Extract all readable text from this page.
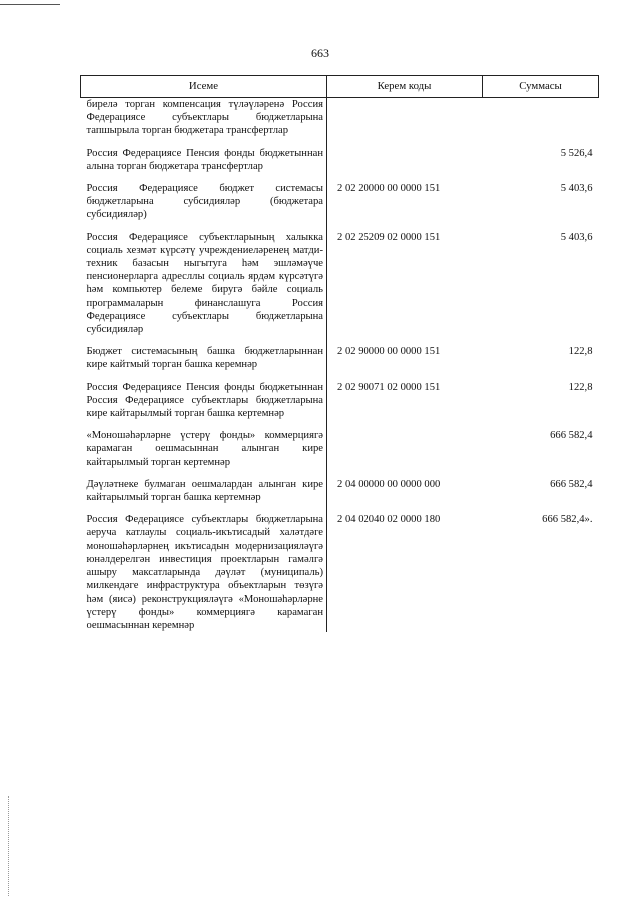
663
Исеме	Керем коды	Суммасы

бирелә торган компенсация түләүләренә Россия Федерациясе субъектлары бюджетларына тапшырыла торган бюджетара трансфертлар		

Россия Федерациясе Пенсия фонды бюджетыннан алына торган бюджетара трансфертлар		5 526,4

Россия Федерациясе бюджет системасы бюджетларына субсидияләр (бюджетара субсидияләр)	2 02 20000 00 0000 151	5 403,6

Россия Федерациясе субъектларының халыкка социаль хезмәт күрсәтү учреждениеләренең матди-техник базасын ныгытуга һәм эшләмәүче пенсионерларга адресллы социаль ярдәм күрсәтүгә һәм компьютер белеме биругә бәйле социаль программаларын финанслашуга Россия Федерациясе субъектлары бюджетларына субсидияләр	2 02 25209 02 0000 151	5 403,6

Бюджет системасының башка бюджетларыннан кире кайтмый торган башка керемнәр	2 02 90000 00 0000 151	122,8

Россия Федерациясе Пенсия фонды бюджетыннан Россия Федерациясе субъектлары бюджетларына кире кайтарылмый торган башка кертемнәр	2 02 90071 02 0000 151	122,8

«Моношәһәрләрне үстерү фонды» коммерциягә карамаган оешмасыннан алынган кире кайтарылмый торган кертемнәр		666 582,4

Дәүләтнеке булмаган оешмалардан алынган кире кайтарылмый торган башка кертемнәр	2 04 00000 00 0000 000	666 582,4

Россия Федерациясе субъектлары бюджетларына аеруча катлаулы социаль-икътисадый халәтдәге моношәһәрләрнең икътисадын модернизацияләүгә юнәлдерелгән инвестиция проектларын гамәлгә ашыру максатларында дәүләт (муниципаль) милкендәге инфраструктура объектларын төзүгә һәм (яисә) реконструкцияләүгә «Моношәһәрләрне үстерү фонды» коммерциягә карамаган оешмасыннан керемнәр	2 04 02040 02 0000 180	666 582,4».
